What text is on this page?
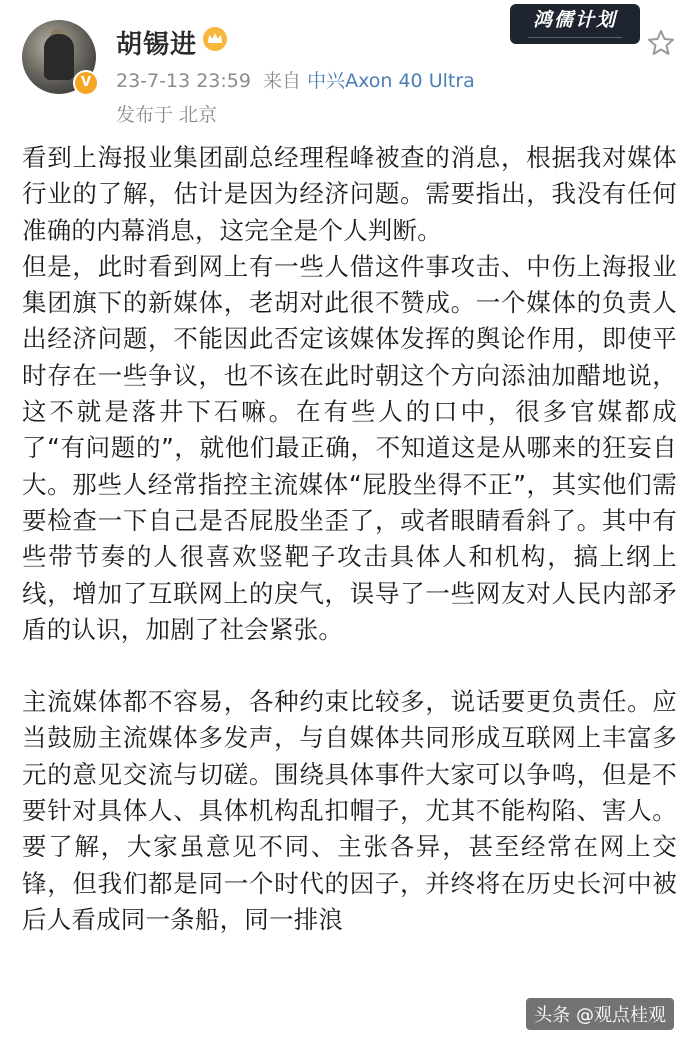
V
胡锡进
23-7-13 23:59 来自 中兴Axon 40 Ultra
发布于 北京
鸿儒计划

看到上海报业集团副总经理程峰被查的消息，根据我对媒体行业的了解，估计是因为经济问题。需要指出，我没有任何准确的内幕消息，这完全是个人判断。

但是，此时看到网上有一些人借这件事攻击、中伤上海报业集团旗下的新媒体，老胡对此很不赞成。一个媒体的负责人出经济问题，不能因此否定该媒体发挥的舆论作用，即使平时存在一些争议，也不该在此时朝这个方向添油加醋地说，这不就是落井下石嘛。在有些人的口中，很多官媒都成了“有问题的”，就他们最正确，不知道这是从哪来的狂妄自大。那些人经常指控主流媒体“屁股坐得不正”，其实他们需要检查一下自己是否屁股坐歪了，或者眼睛看斜了。其中有些带节奏的人很喜欢竖靶子攻击具体人和机构，搞上纲上线，增加了互联网上的戾气，误导了一些网友对人民内部矛盾的认识，加剧了社会紧张。

主流媒体都不容易，各种约束比较多，说话要更负责任。应当鼓励主流媒体多发声，与自媒体共同形成互联网上丰富多元的意见交流与切磋。围绕具体事件大家可以争鸣，但是不要针对具体人、具体机构乱扣帽子，尤其不能构陷、害人。要了解，大家虽意见不同、主张各异，甚至经常在网上交锋，但我们都是同一个时代的因子，并终将在历史长河中被后人看成同一条船，同一排浪

头条 @观点桂观
